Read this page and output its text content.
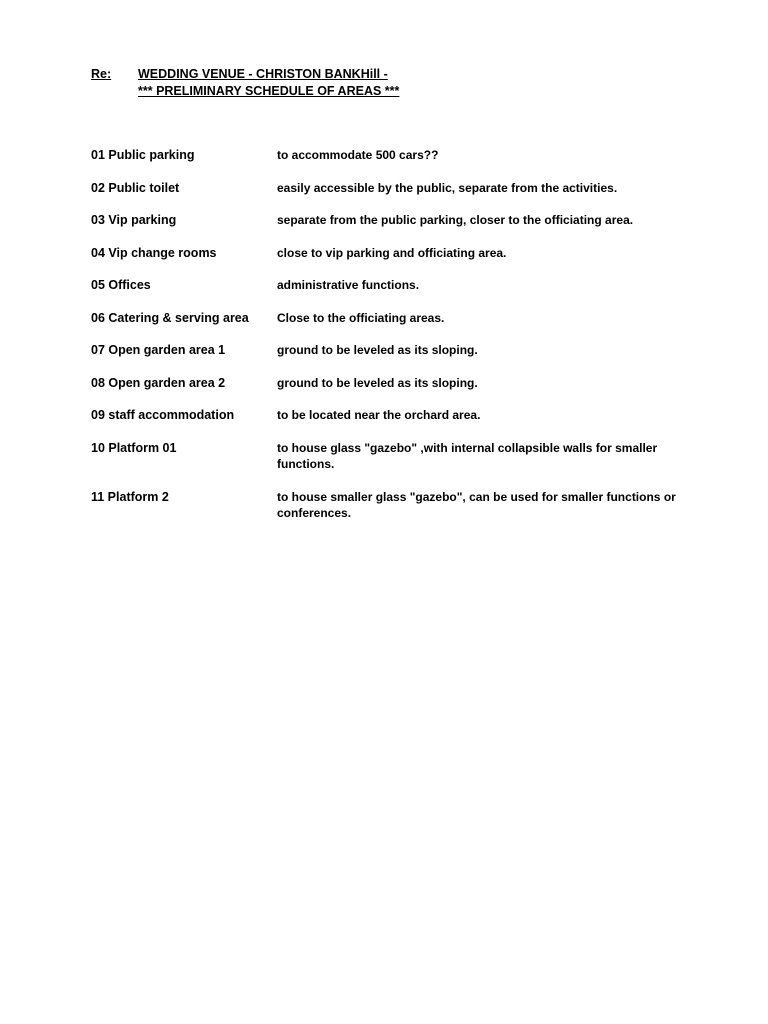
Re:	WEDDING VENUE - CHRISTON BANKHill -
*** PRELIMINARY SCHEDULE OF AREAS ***
01 Public parking	to accommodate 500 cars??
02 Public toilet	easily accessible by the public, separate from the activities.
03 Vip parking	separate from the public parking, closer to the officiating area.
04 Vip change rooms	close to vip parking and officiating area.
05 Offices	administrative functions.
06 Catering & serving area	Close to the officiating areas.
07 Open garden area 1	ground to be leveled as its sloping.
08 Open garden area 2	ground to be leveled as its sloping.
09 staff accommodation	to be located near the orchard area.
10 Platform 01	to house glass "gazebo" ,with internal collapsible walls for smaller functions.
11 Platform 2	to house smaller glass "gazebo", can be used for smaller functions or conferences.
